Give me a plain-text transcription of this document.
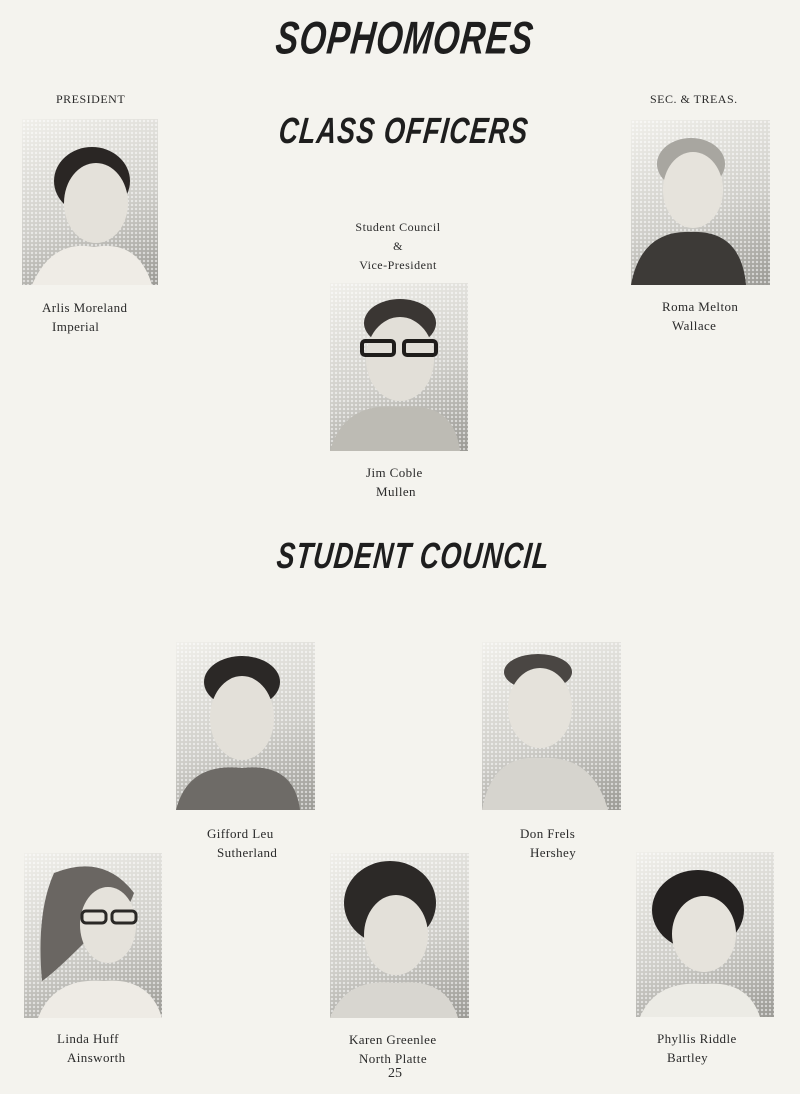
SOPHOMORES
CLASS OFFICERS
STUDENT COUNCIL
PRESIDENT	SEC. & TREAS.
Student Council
&
Vice-President
Arlis Moreland
Imperial
Roma Melton
Wallace
Jim Coble
Mullen
Gifford Leu
Sutherland
Don Frels
Hershey
Linda Huff
Ainsworth
Karen Greenlee
North Platte
Phyllis Riddle
Bartley
25
